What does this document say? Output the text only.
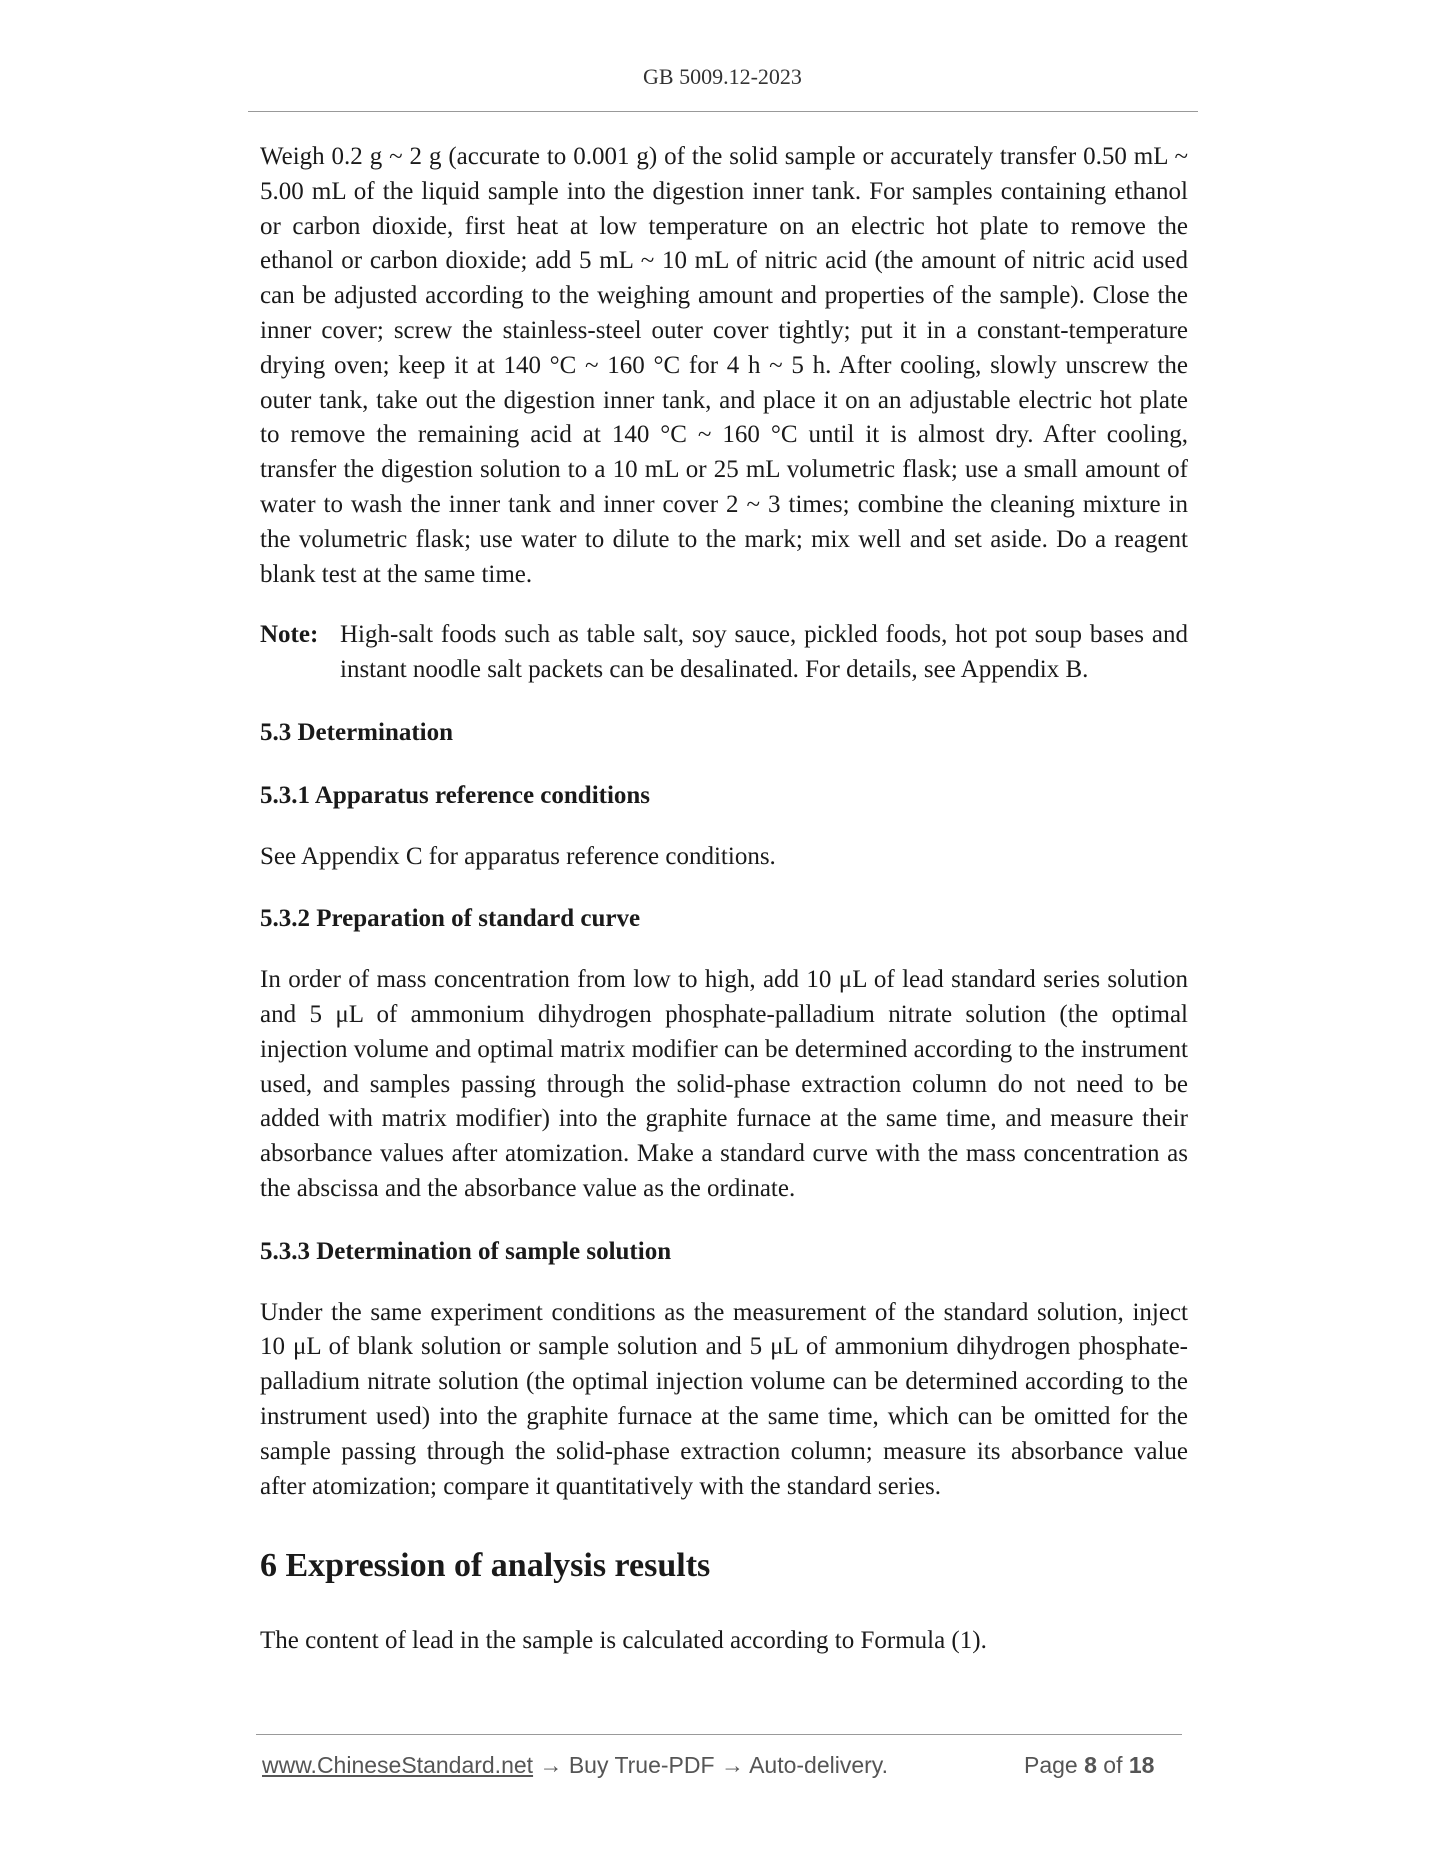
GB 5009.12-2023

Weigh 0.2 g ~ 2 g (accurate to 0.001 g) of the solid sample or accurately transfer 0.50 mL ~ 5.00 mL of the liquid sample into the digestion inner tank. For samples containing ethanol or carbon dioxide, first heat at low temperature on an electric hot plate to remove the ethanol or carbon dioxide; add 5 mL ~ 10 mL of nitric acid (the amount of nitric acid used can be adjusted according to the weighing amount and properties of the sample). Close the inner cover; screw the stainless-steel outer cover tightly; put it in a constant-temperature drying oven; keep it at 140 °C ~ 160 °C for 4 h ~ 5 h. After cooling, slowly unscrew the outer tank, take out the digestion inner tank, and place it on an adjustable electric hot plate to remove the remaining acid at 140 °C ~ 160 °C until it is almost dry. After cooling, transfer the digestion solution to a 10 mL or 25 mL volumetric flask; use a small amount of water to wash the inner tank and inner cover 2 ~ 3 times; combine the cleaning mixture in the volumetric flask; use water to dilute to the mark; mix well and set aside. Do a reagent blank test at the same time.

Note: High-salt foods such as table salt, soy sauce, pickled foods, hot pot soup bases and instant noodle salt packets can be desalinated. For details, see Appendix B.
5.3 Determination
5.3.1 Apparatus reference conditions

See Appendix C for apparatus reference conditions.

5.3.2 Preparation of standard curve

In order of mass concentration from low to high, add 10 μL of lead standard series solution and 5 μL of ammonium dihydrogen phosphate-palladium nitrate solution (the optimal injection volume and optimal matrix modifier can be determined according to the instrument used, and samples passing through the solid-phase extraction column do not need to be added with matrix modifier) into the graphite furnace at the same time, and measure their absorbance values after atomization. Make a standard curve with the mass concentration as the abscissa and the absorbance value as the ordinate.

5.3.3 Determination of sample solution

Under the same experiment conditions as the measurement of the standard solution, inject 10 μL of blank solution or sample solution and 5 μL of ammonium dihydrogen phosphate-palladium nitrate solution (the optimal injection volume can be determined according to the instrument used) into the graphite furnace at the same time, which can be omitted for the sample passing through the solid-phase extraction column; measure its absorbance value after atomization; compare it quantitatively with the standard series.

6 Expression of analysis results

The content of lead in the sample is calculated according to Formula (1).

www.ChineseStandard.net → Buy True-PDF → Auto-delivery.	Page 8 of 18
